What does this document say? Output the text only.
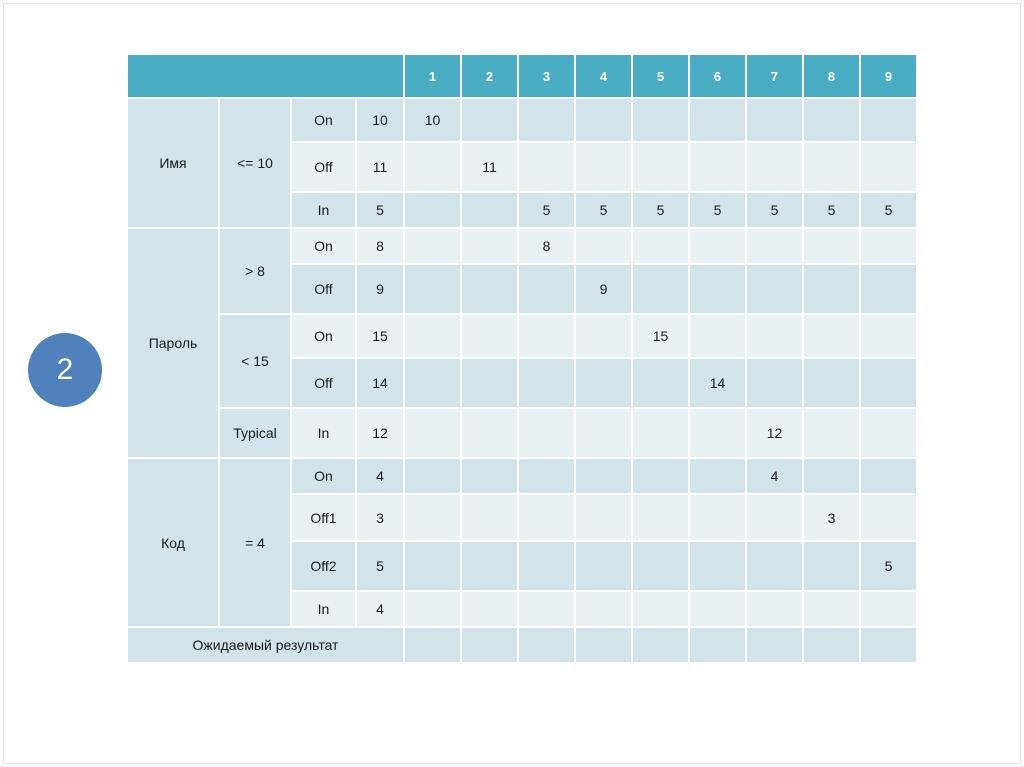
2
				1	2	3	4	5	6	7	8	9
Имя	<= 10	On	10	10								
		Off	11		11							
		In	5			5	5	5	5	5	5	5
Пароль	> 8	On	8			8						
		Off	9				9					
	< 15	On	15					15				
		Off	14						14			
	Typical	In	12							12		
Код	= 4	On	4							4		
		Off1	3								3	
		Off2	5									5
		In	4									
Ожидаемый результат												
